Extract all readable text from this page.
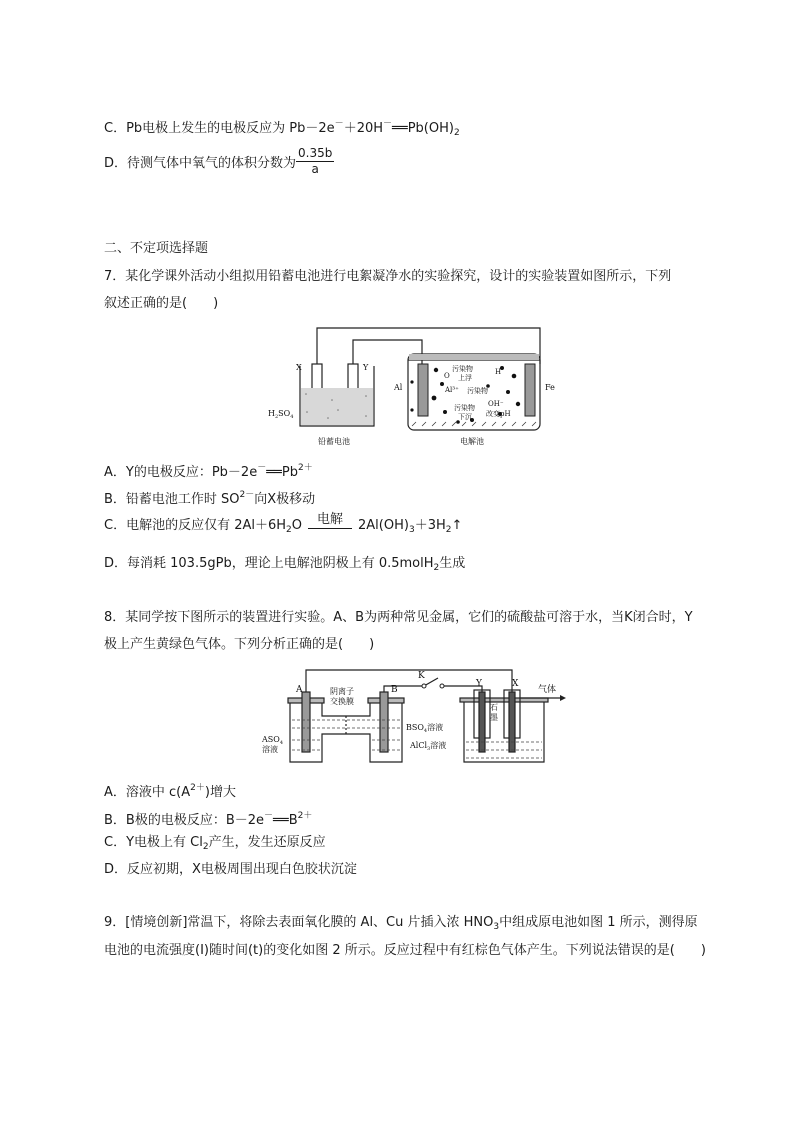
C．Pb电极上发生的电极反应为 $Pb-2e^-+20H^-══Pb(OH)_2$
D．待测气体中氧气的体积分数为 $\frac{0.35b}{a}$
二、不定项选择题
7．某化学课外活动小组拟用铅蓄电池进行电絮凝净水的实验探究，设计的实验装置如图所示，下列
叙述正确的是(　　)
X	Y
$H_2SO_4$
铅蓄电池	电解池
Al	Fe
污染物
上浮
污染物
污染物
下沉
O
Al³⁺
OH⁻
H
改变pH
A．Y的电极反应：$Pb-2e^-══Pb^{2+}$
B．铅蓄电池工作时 $SO^{2-}$向X极移动
C．电解池的反应仅有 $2Al+6H_2O$	电解	$2Al(OH)_3+3H_2↑$
D．每消耗 103.5gPb，理论上电解池阴极上有 0.5molH$_2$生成
8．某同学按下图所示的装置进行实验。A、B为两种常见金属，它们的硫酸盐可溶于水，当K闭合时，Y
极上产生黄绿色气体。下列分析正确的是(　　)
A	B
K
Y	X
气体
阴离子
交换膜
$ASO_4$
溶液
$BSO_4$溶液
AlCl$_3$溶液
石
墨
A．溶液中 $c(A^{2+})$增大
B．B极的电极反应：$B-2e^-══B^{2+}$
C．Y电极上有 $Cl_2$产生，发生还原反应
D．反应初期，X电极周围出现白色胶状沉淀
9．[情境创新]常温下，将除去表面氧化膜的 Al、Cu 片插入浓 $HNO_3$中组成原电池如图 1 所示，测得原
电池的电流强度(I)随时间(t)的变化如图 2 所示。反应过程中有红棕色气体产生。下列说法错误的是(　　)
